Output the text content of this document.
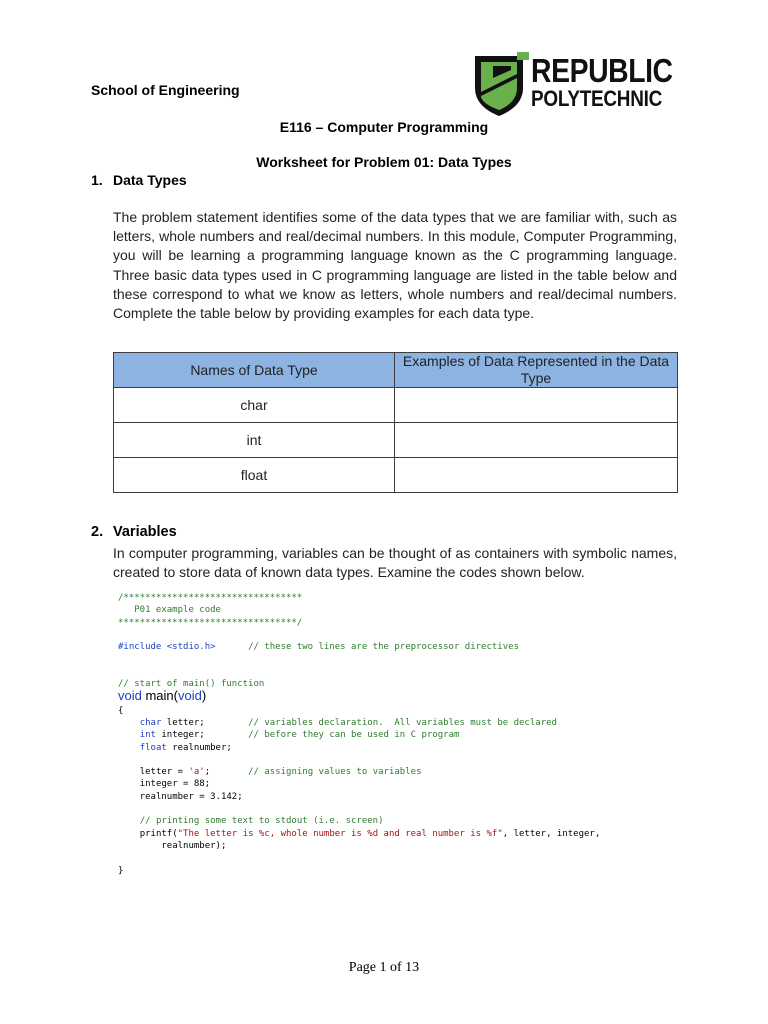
School of Engineering
REPUBLIC
POLYTECHNIC
E116 – Computer Programming
Worksheet for Problem 01: Data Types
1. Data Types
The problem statement identifies some of the data types that we are familiar with, such as letters, whole numbers and real/decimal numbers. In this module, Computer Programming, you will be learning a programming language known as the C programming language. Three basic data types used in C programming language are listed in the table below and these correspond to what we know as letters, whole numbers and real/decimal numbers. Complete the table below by providing examples for each data type.
Names of Data Type	Examples of Data Represented in the Data Type
char	
int	
float	
2. Variables
In computer programming, variables can be thought of as containers with symbolic names, created to store data of known data types. Examine the codes shown below.
/*********************************
P01 example code
*********************************/

#include <stdio.h>	// these two lines are the preprocessor directives

// start of main() function
void main(void)
{
char letter;	// variables declaration.  All variables must be declared
int integer;	// before they can be used in C program
float realnumber;

letter = 'a';	// assigning values to variables
integer = 88;
realnumber = 3.142;

// printing some text to stdout (i.e. screen)
printf("The letter is %c, whole number is %d and real number is %f", letter, integer,
realnumber);

}
Page 1 of 13
